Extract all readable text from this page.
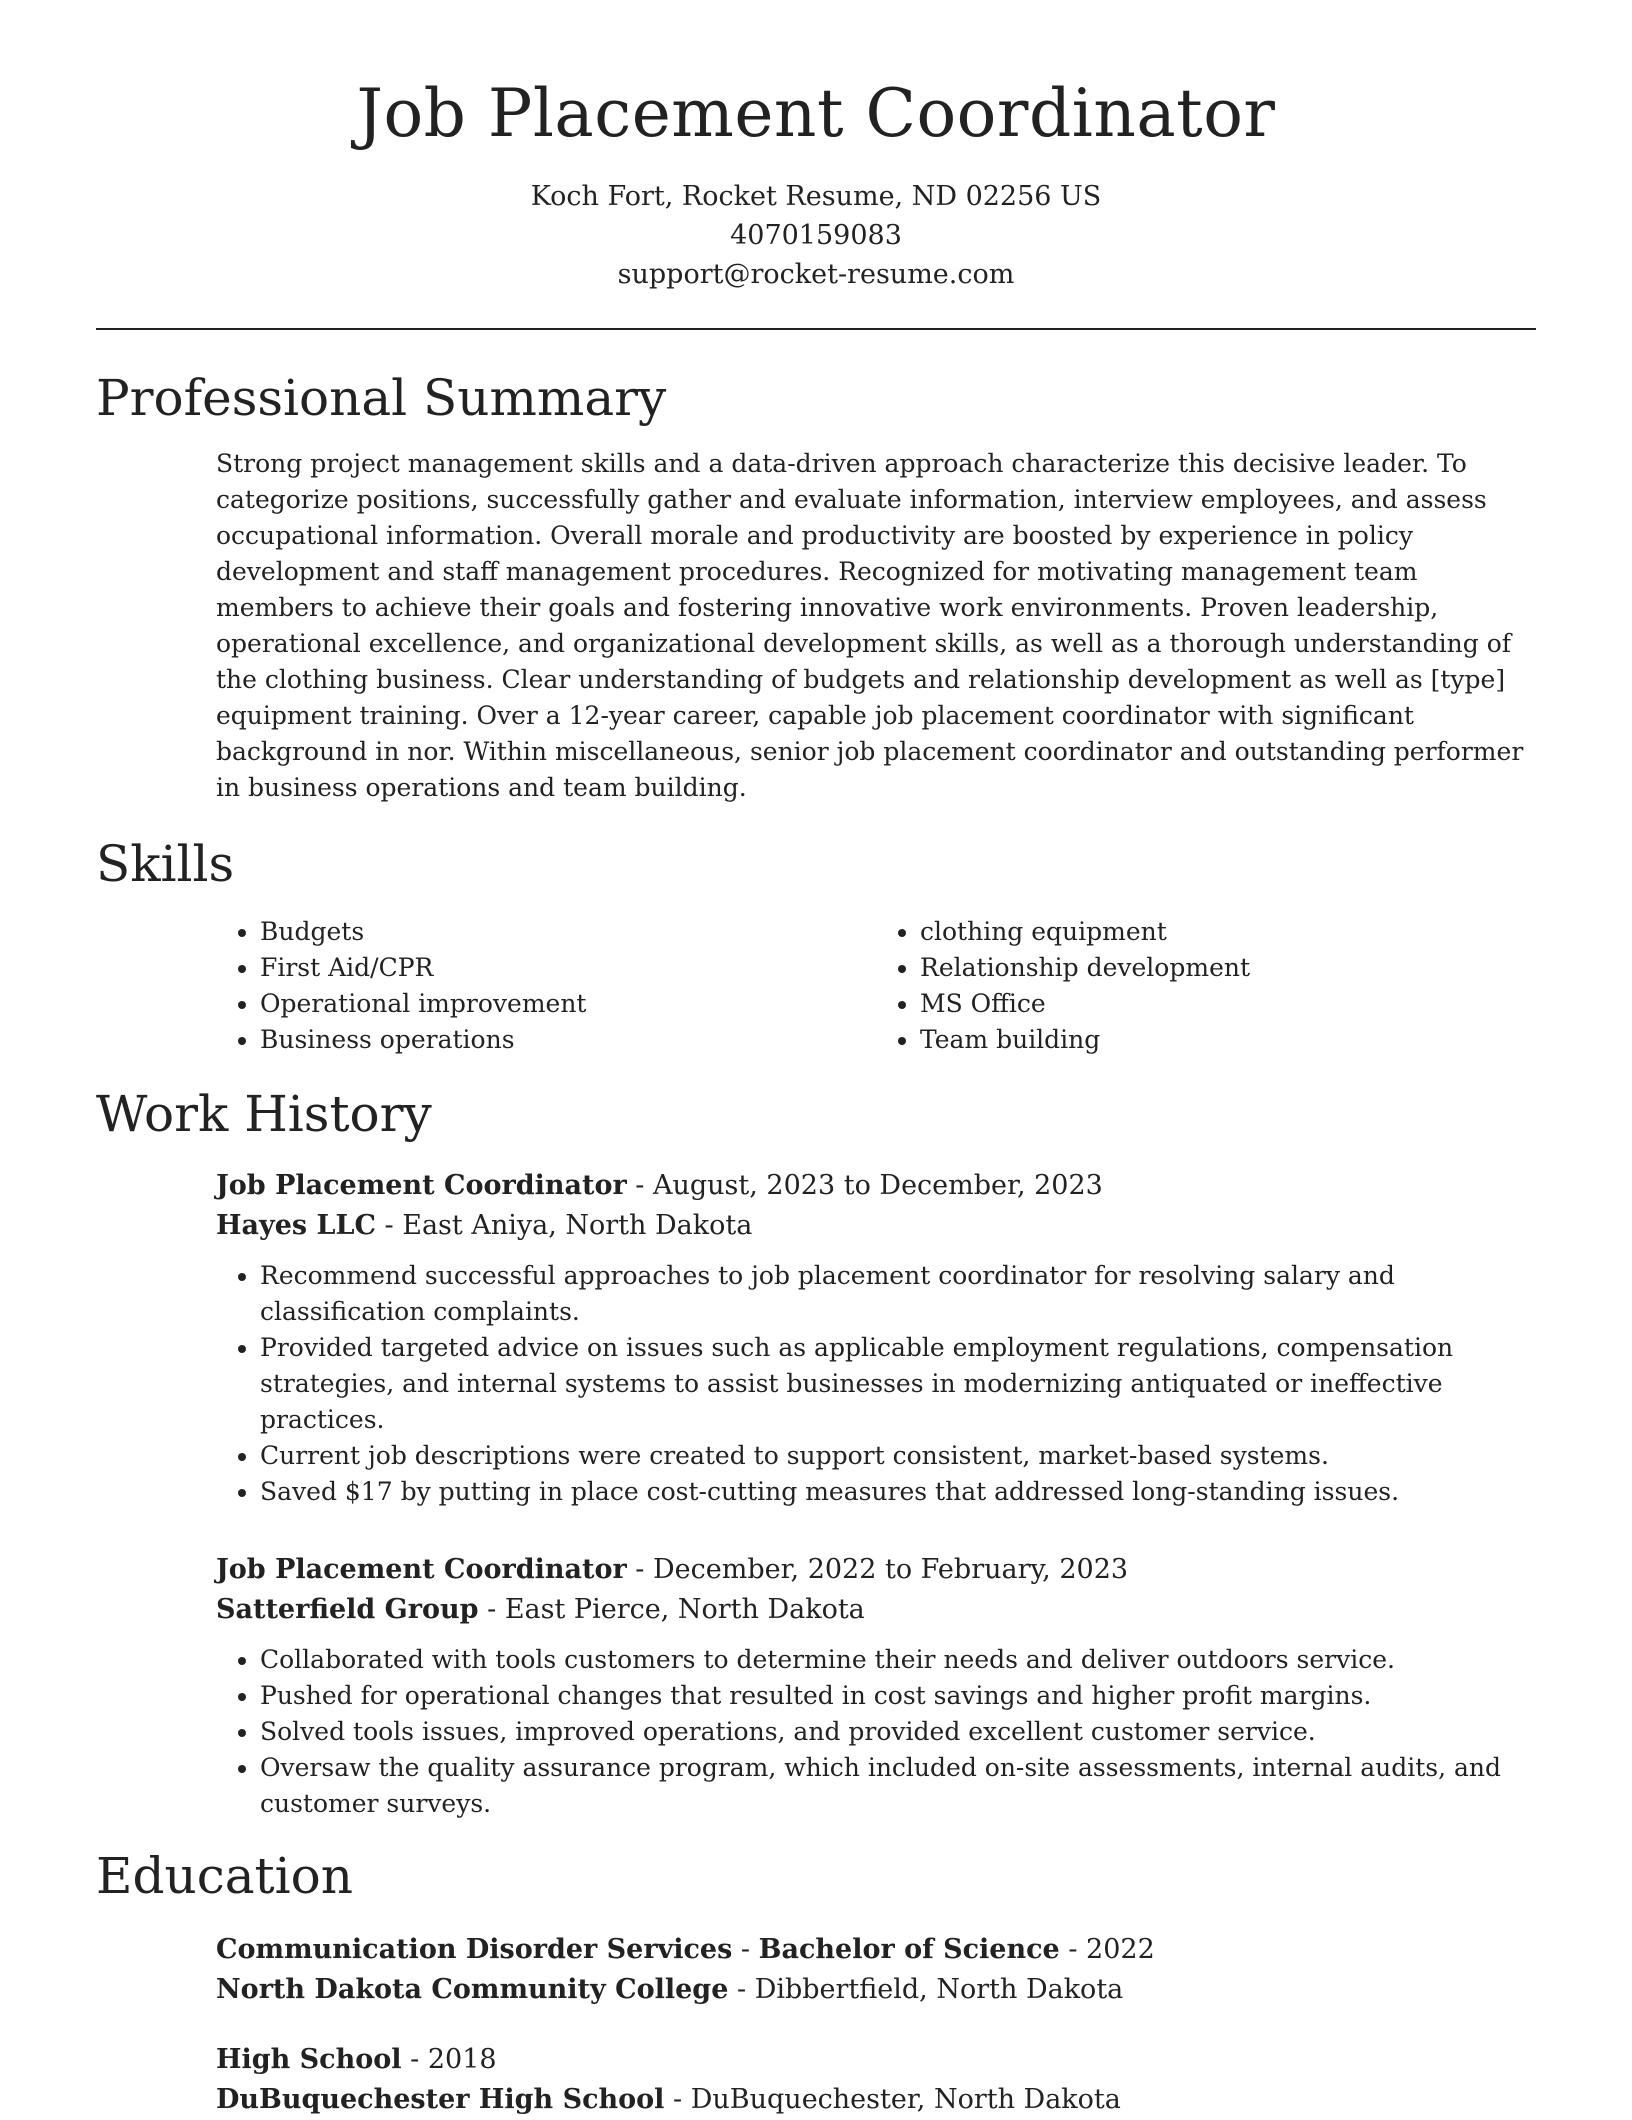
Job Placement Coordinator
Koch Fort, Rocket Resume, ND 02256 US
4070159083
support@rocket-resume.com
Professional Summary

Strong project management skills and a data-driven approach characterize this decisive leader. To categorize positions, successfully gather and evaluate information, interview employees, and assess occupational information. Overall morale and productivity are boosted by experience in policy development and staff management procedures. Recognized for motivating management team members to achieve their goals and fostering innovative work environments. Proven leadership, operational excellence, and organizational development skills, as well as a thorough understanding of the clothing business. Clear understanding of budgets and relationship development as well as [type] equipment training. Over a 12-year career, capable job placement coordinator with significant background in nor. Within miscellaneous, senior job placement coordinator and outstanding performer in business operations and team building.

Skills
• Budgets
• First Aid/CPR
• Operational improvement
• Business operations
• clothing equipment
• Relationship development
• MS Office
• Team building
Work History
Job Placement Coordinator - August, 2023 to December, 2023
Hayes LLC - East Aniya, North Dakota
• Recommend successful approaches to job placement coordinator for resolving salary and classification complaints.
• Provided targeted advice on issues such as applicable employment regulations, compensation strategies, and internal systems to assist businesses in modernizing antiquated or ineffective practices.
• Current job descriptions were created to support consistent, market-based systems.
• Saved $17 by putting in place cost-cutting measures that addressed long-standing issues.
Job Placement Coordinator - December, 2022 to February, 2023
Satterfield Group - East Pierce, North Dakota
• Collaborated with tools customers to determine their needs and deliver outdoors service.
• Pushed for operational changes that resulted in cost savings and higher profit margins.
• Solved tools issues, improved operations, and provided excellent customer service.
• Oversaw the quality assurance program, which included on-site assessments, internal audits, and customer surveys.
Education
Communication Disorder Services - Bachelor of Science - 2022
North Dakota Community College - Dibbertfield, North Dakota
High School - 2018
DuBuquechester High School - DuBuquechester, North Dakota
